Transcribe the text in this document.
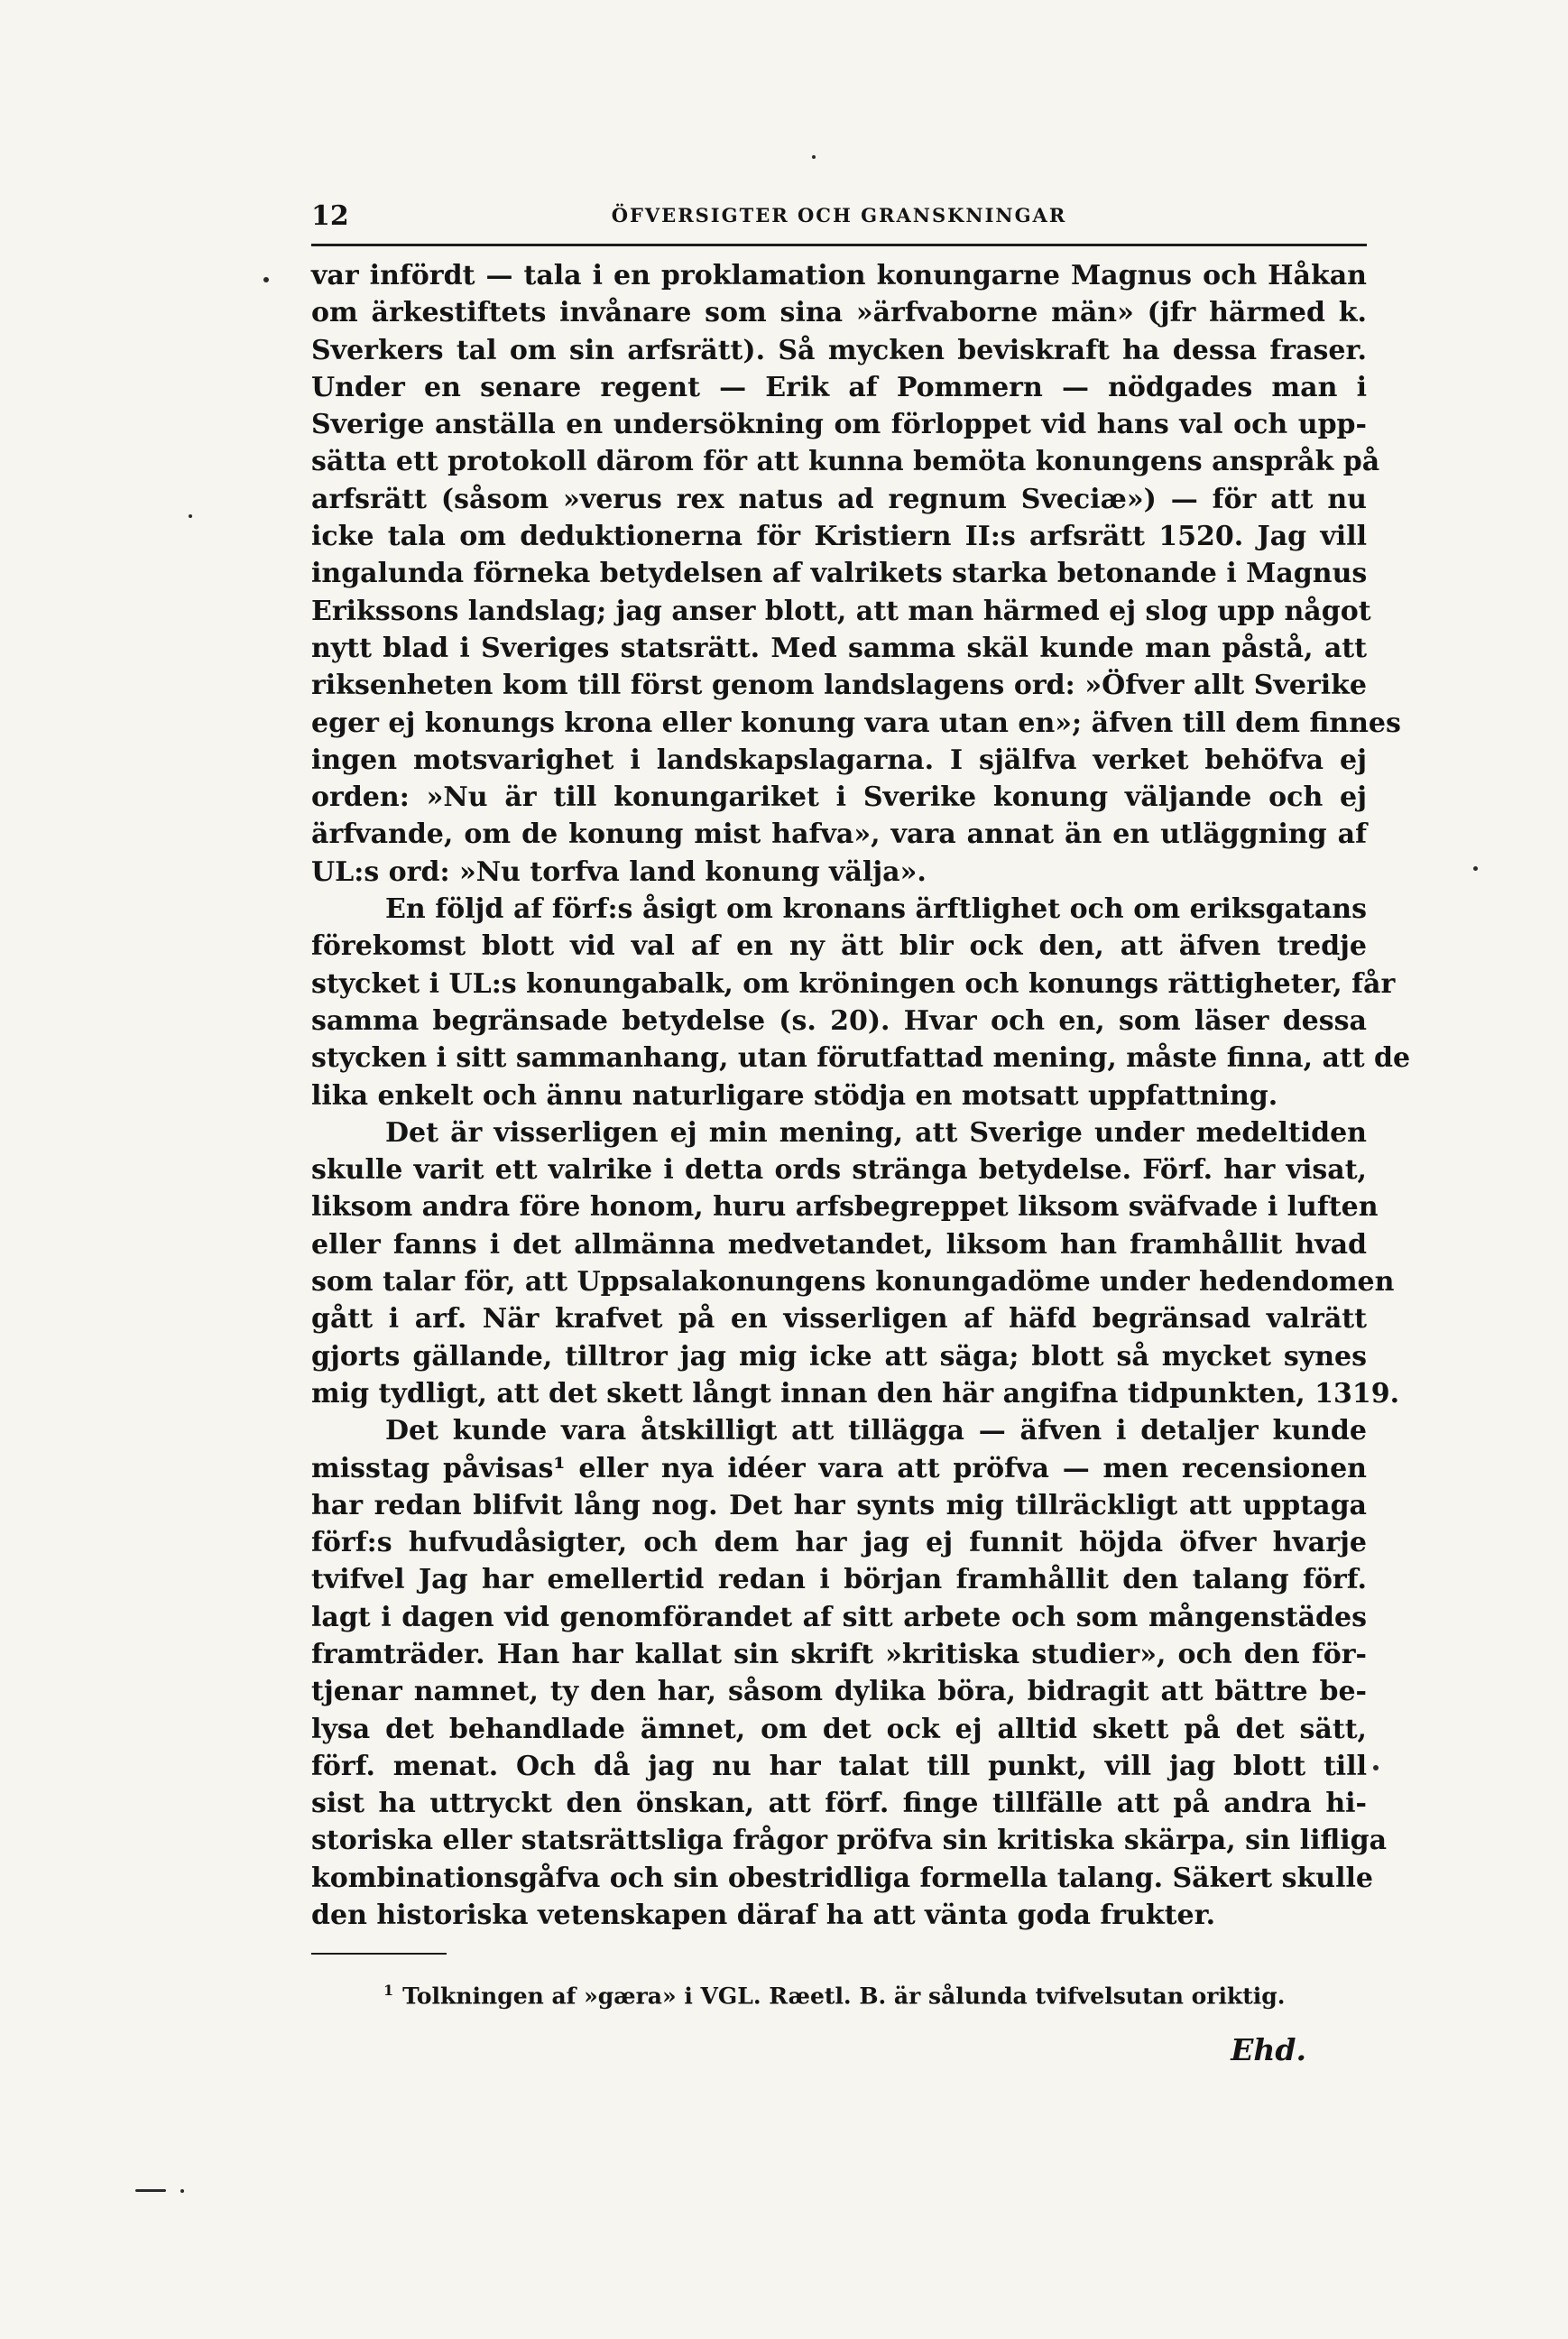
12	ÖFVERSIGTER OCH GRANSKNINGAR
var infördt — tala i en proklamation konungarne Magnus och Håkan
om ärkestiftets invånare som sina »ärfvaborne män» (jfr härmed k.
Sverkers tal om sin arfsrätt). Så mycken beviskraft ha dessa fraser.
Under en senare regent — Erik af Pommern — nödgades man i
Sverige anställa en undersökning om förloppet vid hans val och upp-
sätta ett protokoll därom för att kunna bemöta konungens anspråk på
arfsrätt (såsom »verus rex natus ad regnum Sveciæ») — för att nu
icke tala om deduktionerna för Kristiern II:s arfsrätt 1520. Jag vill
ingalunda förneka betydelsen af valrikets starka betonande i Magnus
Erikssons landslag; jag anser blott, att man härmed ej slog upp något
nytt blad i Sveriges statsrätt. Med samma skäl kunde man påstå, att
riksenheten kom till först genom landslagens ord: »Öfver allt Sverike
eger ej konungs krona eller konung vara utan en»; äfven till dem finnes
ingen motsvarighet i landskapslagarna. I själfva verket behöfva ej
orden: »Nu är till konungariket i Sverike konung väljande och ej
ärfvande, om de konung mist hafva», vara annat än en utläggning af
UL:s ord: »Nu torfva land konung välja».
En följd af förf:s åsigt om kronans ärftlighet och om eriksgatans
förekomst blott vid val af en ny ätt blir ock den, att äfven tredje
stycket i UL:s konungabalk, om kröningen och konungs rättigheter, får
samma begränsade betydelse (s. 20). Hvar och en, som läser dessa
stycken i sitt sammanhang, utan förutfattad mening, måste finna, att de
lika enkelt och ännu naturligare stödja en motsatt uppfattning.
Det är visserligen ej min mening, att Sverige under medeltiden
skulle varit ett valrike i detta ords stränga betydelse. Förf. har visat,
liksom andra före honom, huru arfsbegreppet liksom sväfvade i luften
eller fanns i det allmänna medvetandet, liksom han framhållit hvad
som talar för, att Uppsalakonungens konungadöme under hedendomen
gått i arf. När krafvet på en visserligen af häfd begränsad valrätt
gjorts gällande, tilltror jag mig icke att säga; blott så mycket synes
mig tydligt, att det skett långt innan den här angifna tidpunkten, 1319.
Det kunde vara åtskilligt att tillägga — äfven i detaljer kunde
misstag påvisas¹ eller nya idéer vara att pröfva — men recensionen
har redan blifvit lång nog. Det har synts mig tillräckligt att upptaga
förf:s hufvudåsigter, och dem har jag ej funnit höjda öfver hvarje
tvifvel Jag har emellertid redan i början framhållit den talang förf.
lagt i dagen vid genomförandet af sitt arbete och som mångenstädes
framträder. Han har kallat sin skrift »kritiska studier», och den för-
tjenar namnet, ty den har, såsom dylika böra, bidragit att bättre be-
lysa det behandlade ämnet, om det ock ej alltid skett på det sätt,
förf. menat. Och då jag nu har talat till punkt, vill jag blott till
sist ha uttryckt den önskan, att förf. finge tillfälle att på andra hi-
storiska eller statsrättsliga frågor pröfva sin kritiska skärpa, sin lifliga
kombinationsgåfva och sin obestridliga formella talang. Säkert skulle
den historiska vetenskapen däraf ha att vänta goda frukter.
$^1$ Tolkningen af »gæra» i VGL. Ræetl. B. är sålunda tvifvelsutan oriktig.
Ehd.
